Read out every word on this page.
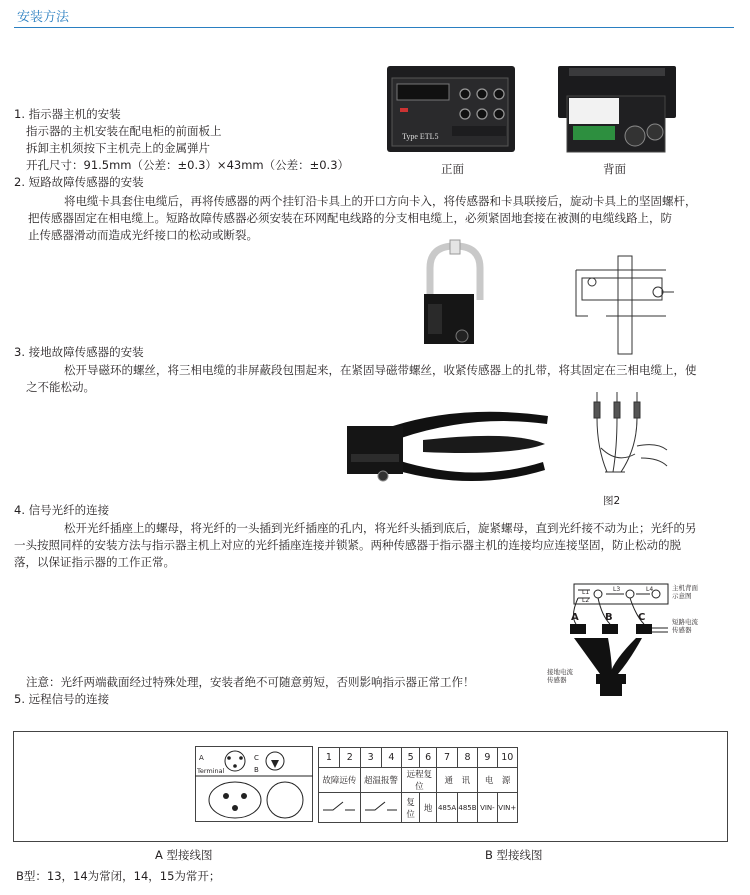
安装方法
1. 指示器主机的安装
指示器的主机安装在配电柜的前面板上
拆卸主机须按下主机壳上的金属弹片
开孔尺寸：91.5mm（公差：±0.3）×43mm（公差：±0.3）
Type ETL5
正面	背面
2. 短路故障传感器的安装
将电缆卡具套住电缆后，再将传感器的两个挂钉沿卡具上的开口方向卡入，将传感器和卡具联接后，旋动卡具上的坚固螺杆，
把传感器固定在相电缆上。短路故障传感器必须安装在环网配电线路的分支相电缆上，必须紧固地套接在被测的电缆线路上，防
止传感器滑动而造成光纤接口的松动或断裂。
3. 接地故障传感器的安装
松开导磁环的螺丝，将三相电缆的非屏蔽段包围起来，在紧固导磁带螺丝，收紧传感器上的扎带，将其固定在三相电缆上，使
之不能松动。
图2
4. 信号光纤的连接
松开光纤插座上的螺母，将光纤的一头插到光纤插座的孔内，将光纤头插到底后，旋紧螺母，直到光纤接不动为止；光纤的另
一头按照同样的安装方法与指示器主机上对应的光纤插座连接并锁紧。两种传感器于指示器主机的连接均应连接坚固，防止松动的脱
落，以保证指示器的工作正常。
L1
L2
L3	L4	主机背面
示意图
短路电流
传感器
接地电流
传感器
A	B	C
注意：光纤两端截面经过特殊处理，安装者绝不可随意剪短，否则影响指示器正常工作！
5. 远程信号的连接
A
B
C
Terminal
1	2	3	4	5	6	7	8	9	10
故障远传		超温报警		远程复位		通　讯		电　源	
		复位	地	485A	485B	VIN-	VIN+
A 型接线图	B 型接线图
B型：13，14为常闭，14，15为常开；
